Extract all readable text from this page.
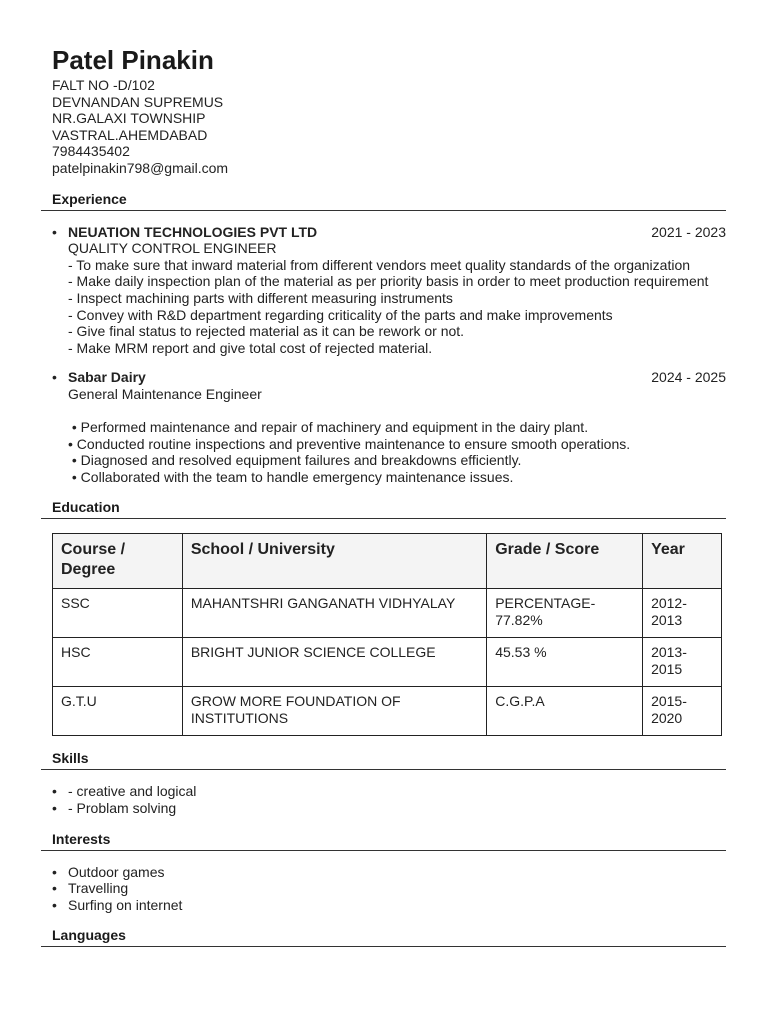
Patel Pinakin
FALT NO -D/102
DEVNANDAN SUPREMUS
NR.GALAXI TOWNSHIP
VASTRAL.AHEMDABAD
7984435402
patelpinakin798@gmail.com
Experience
• NEUATION TECHNOLOGIES PVT LTD	2021 - 2023
QUALITY CONTROL ENGINEER
- To make sure that inward material from different vendors meet quality standards of the organization
- Make daily inspection plan of the material as per priority basis in order to meet production requirement
- Inspect machining parts with different measuring instruments
- Convey with R&D department regarding criticality of the parts and make improvements
- Give final status to rejected material as it can be rework or not.
- Make MRM report and give total cost of rejected material.
• Sabar Dairy	2024 - 2025
General Maintenance Engineer
• Performed maintenance and repair of machinery and equipment in the dairy plant.
• Conducted routine inspections and preventive maintenance to ensure smooth operations.
• Diagnosed and resolved equipment failures and breakdowns efficiently.
• Collaborated with the team to handle emergency maintenance issues.
Education
Course / Degree	School / University	Grade / Score	Year
SSC	MAHANTSHRI GANGANATH VIDHYALAY	PERCENTAGE- 77.82%	2012- 2013
HSC	BRIGHT JUNIOR SCIENCE COLLEGE	45.53 %	2013- 2015
G.T.U	GROW MORE FOUNDATION OF INSTITUTIONS	C.G.P.A	2015- 2020
Skills
• - creative and logical
• - Problam solving
Interests
• Outdoor games
• Travelling
• Surfing on internet
Languages
